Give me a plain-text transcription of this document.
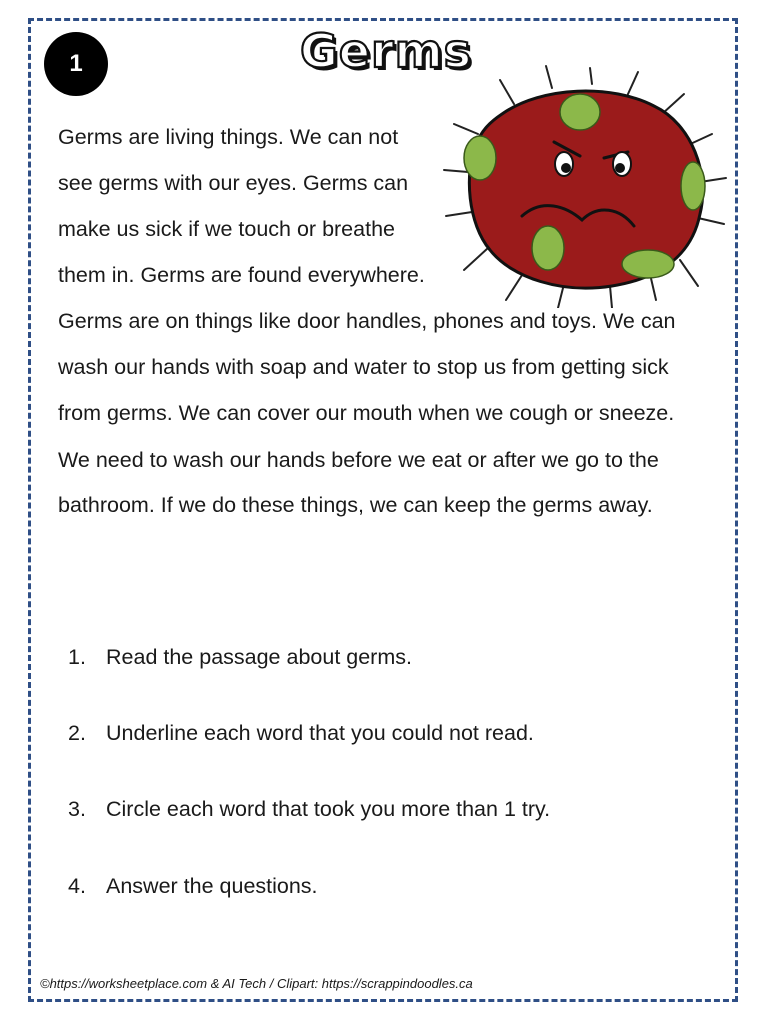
1	Germs
Germs are living things. We can not
see germs with our eyes. Germs can
make us sick if we touch or breathe
them in. Germs are found everywhere.
Germs are on things like door handles, phones and toys. We can
wash our hands with soap and water to stop us from getting sick
from germs. We can cover our mouth when we cough or sneeze.
We need to wash our hands before we eat or after we go to the
bathroom. If we do these things, we can keep the germs away.
1. Read the passage about germs.
2. Underline each word that you could not read.
3. Circle each word that took you more than 1 try.
4. Answer the questions.
©https://worksheetplace.com & AI Tech / Clipart: https://scrappindoodles.ca
